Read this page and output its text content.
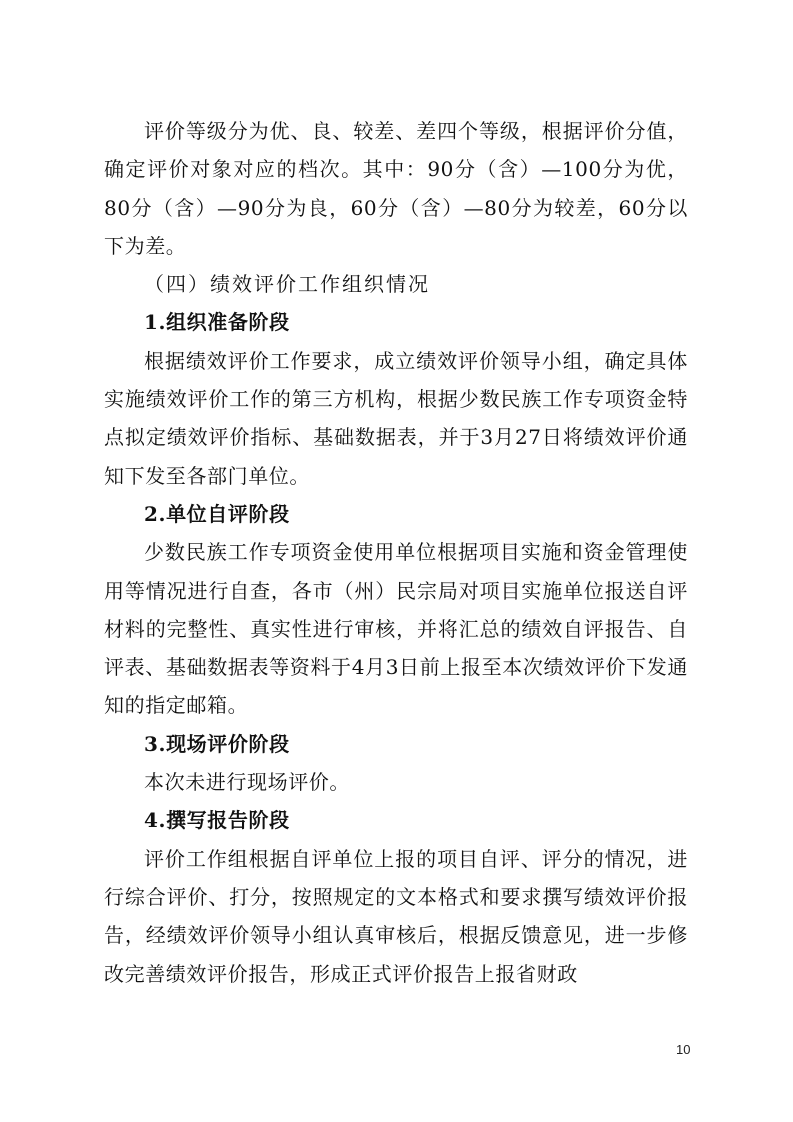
评价等级分为优、良、较差、差四个等级，根据评价分值，确定评价对象对应的档次。其中：90分（含）—100分为优，80分（含）—90分为良，60分（含）—80分为较差，60分以下为差。

（四）绩效评价工作组织情况

1.组织准备阶段

根据绩效评价工作要求，成立绩效评价领导小组，确定具体实施绩效评价工作的第三方机构，根据少数民族工作专项资金特点拟定绩效评价指标、基础数据表，并于3月27日将绩效评价通知下发至各部门单位。

2.单位自评阶段

少数民族工作专项资金使用单位根据项目实施和资金管理使用等情况进行自查，各市（州）民宗局对项目实施单位报送自评材料的完整性、真实性进行审核，并将汇总的绩效自评报告、自评表、基础数据表等资料于4月3日前上报至本次绩效评价下发通知的指定邮箱。

3.现场评价阶段

本次未进行现场评价。

4.撰写报告阶段

评价工作组根据自评单位上报的项目自评、评分的情况，进行综合评价、打分，按照规定的文本格式和要求撰写绩效评价报告，经绩效评价领导小组认真审核后，根据反馈意见，进一步修改完善绩效评价报告，形成正式评价报告上报省财政

10
